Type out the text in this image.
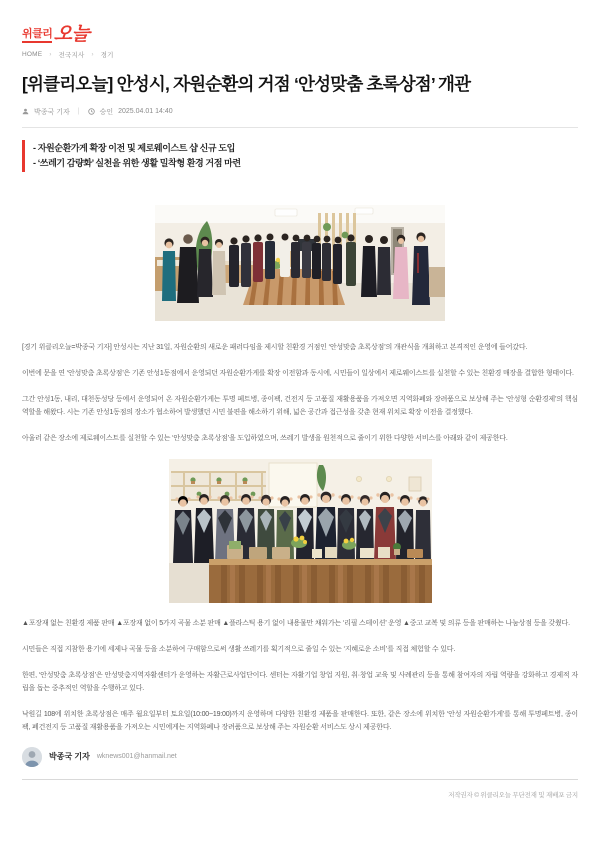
위클리 오늘
HOME › 전국지사 › 경기
[위클리오늘] 안성시, 자원순환의 거점 ‘안성맞춤 초록상점’ 개관
박종국 기자 |	승인 2025.04.01 14:40

- 자원순환가게 확장 이전 및 제로웨이스트 샵 신규 도입

- ‘쓰레기 감량화’ 실천을 위한 생활 밀착형 환경 거점 마련

[경기 위클리오늘=박종국 기자] 안성시는 지난 31일, 자원순환의 새로운 패러다임을 제시할 친환경 거점인 ‘안성맞춤 초록상점’의 개관식을 개최하고 본격적인 운영에 들어갔다.

이번에 문을 연 ‘안성맞춤 초록상점’은 기존 안성1동점에서 운영되던 자원순환가게를 확장 이전함과 동시에, 시민들이 일상에서 제로웨이스트를 실천할 수 있는 친환경 매장을 결합한 형태이다.

그간 안성1동, 내리, 대천동성당 등에서 운영되어 온 자원순환가게는 투명 페트병, 종이팩, 건전지 등 고품질 재활용품을 가져오면 지역화폐와 장려품으로 보상해 주는 ‘안성형 순환경제’의 핵심 역할을 해왔다. 시는 기존 안성1동점의 장소가 협소하여 발생했던 시민 불편을 해소하기 위해, 넓은 공간과 접근성을 갖춘 현재 위치로 확장 이전을 결정했다.

아울러 같은 장소에 제로웨이스트를 실천할 수 있는 ‘안성맞춤 초록상점’을 도입하였으며, 쓰레기 발생을 원천적으로 줄이기 위한 다양한 서비스를 아래와 같이 제공한다.

▲포장재 없는 친환경 제품 판매 ▲포장재 없이 5가지 곡물 소분 판매 ▲플라스틱 용기 없이 내용물만 채워가는 ‘리필 스테이션’ 운영 ▲중고 교복 및 의류 등을 판매하는 나눔상점 등을 갖췄다.

시민들은 직접 지참한 용기에 세제나 곡물 등을 소분하여 구매함으로써 생활 쓰레기를 획기적으로 줄일 수 있는 ‘지혜로운 소비’를 직접 체험할 수 있다.

한편, ‘안성맞춤 초록상점’은 안성맞춤지역자활센터가 운영하는 자활근로사업단이다. 센터는 자활기업 창업 지원, 취·창업 교육 및 사례관리 등을 통해 참여자의 자립 역량을 강화하고 경제적 자립을 돕는 중추적인 역할을 수행하고 있다.

낙원길 108에 위치한 초록상점은 매주 월요일부터 토요일(10:00~19:00)까지 운영하며 다양한 친환경 제품을 판매한다. 또한, 같은 장소에 위치한 ‘안성 자원순환가게’를 통해 투명페트병, 종이팩, 폐건전지 등 고품질 재활용품을 가져오는 시민에게는 지역화폐나 장려품으로 보상해 주는 자원순환 서비스도 상시 제공한다.

박종국 기자 wknews001@hanmail.net
저작권자 © 위클리오늘 무단전재 및 재배포 금지
